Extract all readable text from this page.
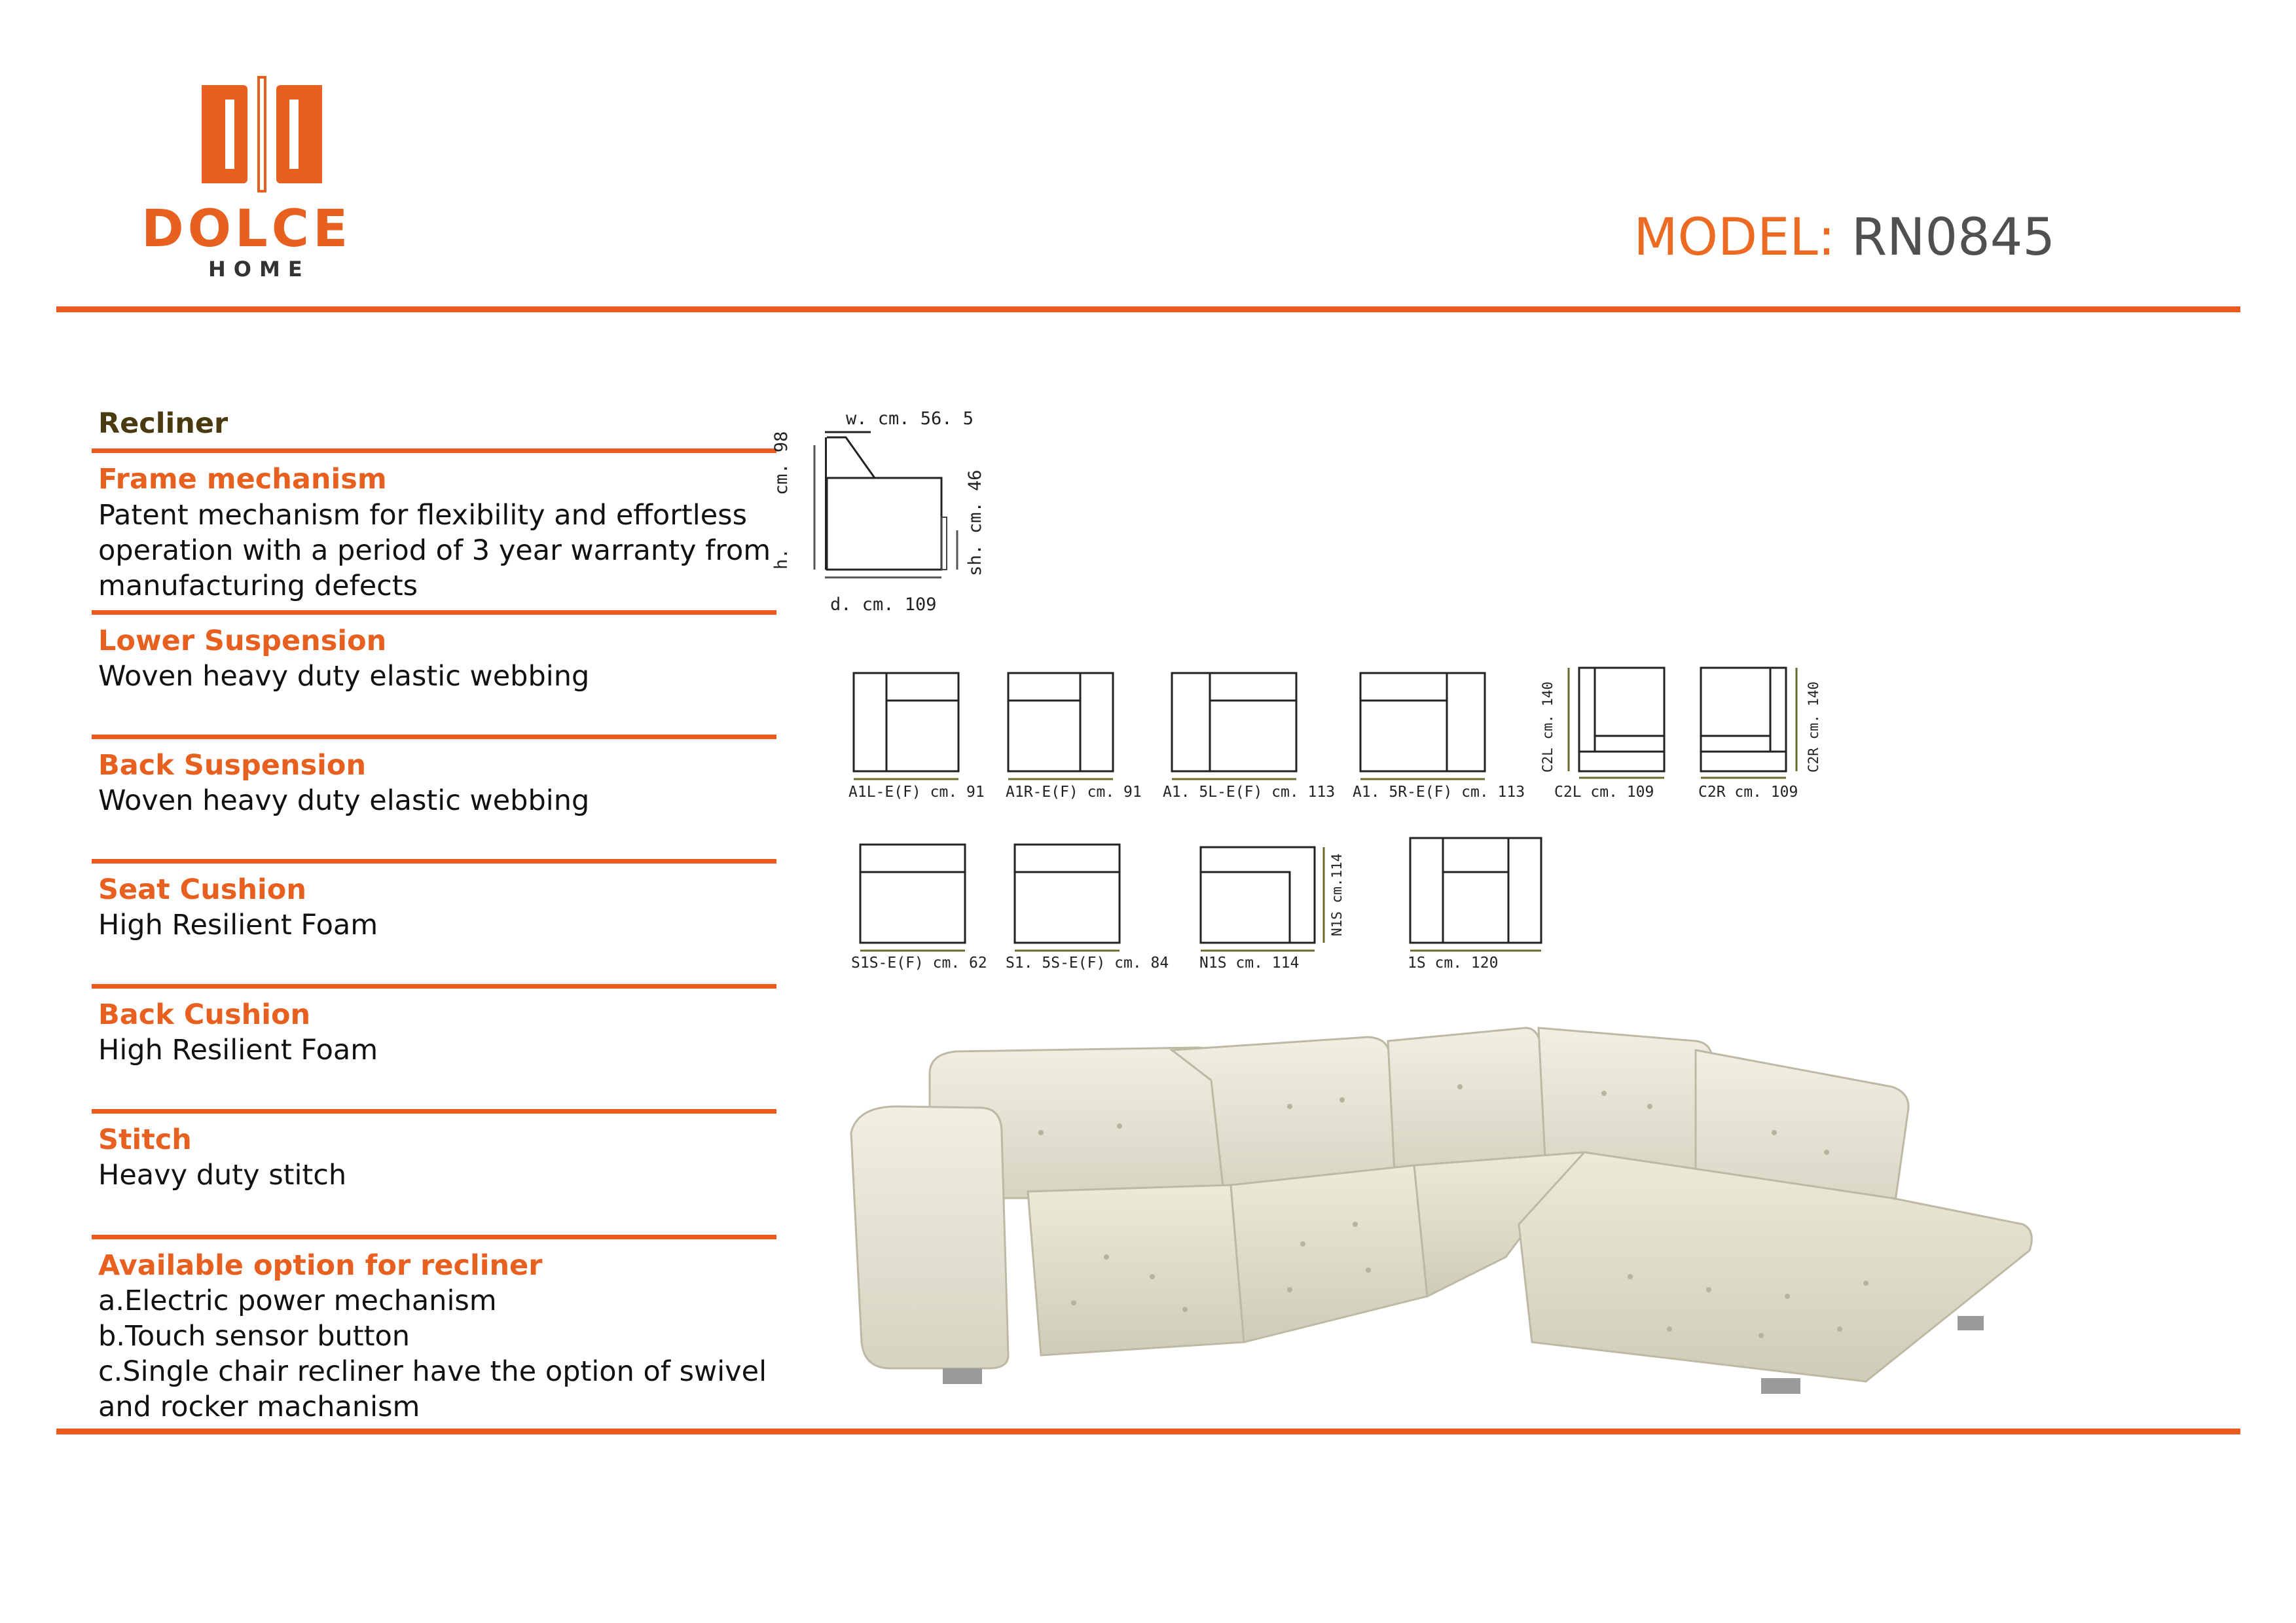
DOLCE
HOME
MODEL: RN0845
Recliner
Frame mechanism
Patent mechanism for flexibility and effortless
operation with a period of 3 year warranty from
manufacturing defects
Lower Suspension
Woven heavy duty elastic webbing
Back Suspension
Woven heavy duty elastic webbing
Seat Cushion
High Resilient Foam
Back Cushion
High Resilient Foam
Stitch
Heavy duty stitch
Available option for recliner
a.Electric power mechanism
b.Touch sensor button
c.Single chair recliner have the option of swivel
and rocker machanism
w. cm. 56. 5
h.     cm. 98
sh. cm. 46
d. cm. 109
A1L-E(F) cm. 91 A1R-E(F) cm. 91 A1. 5L-E(F) cm. 113 A1. 5R-E(F) cm. 113 C2L cm. 109	C2R cm. 109
C2L cm. 140	C2R cm. 140
S1S-E(F) cm. 62 S1. 5S-E(F) cm. 84 N1S cm. 114	1S cm. 120
N1S cm.114
